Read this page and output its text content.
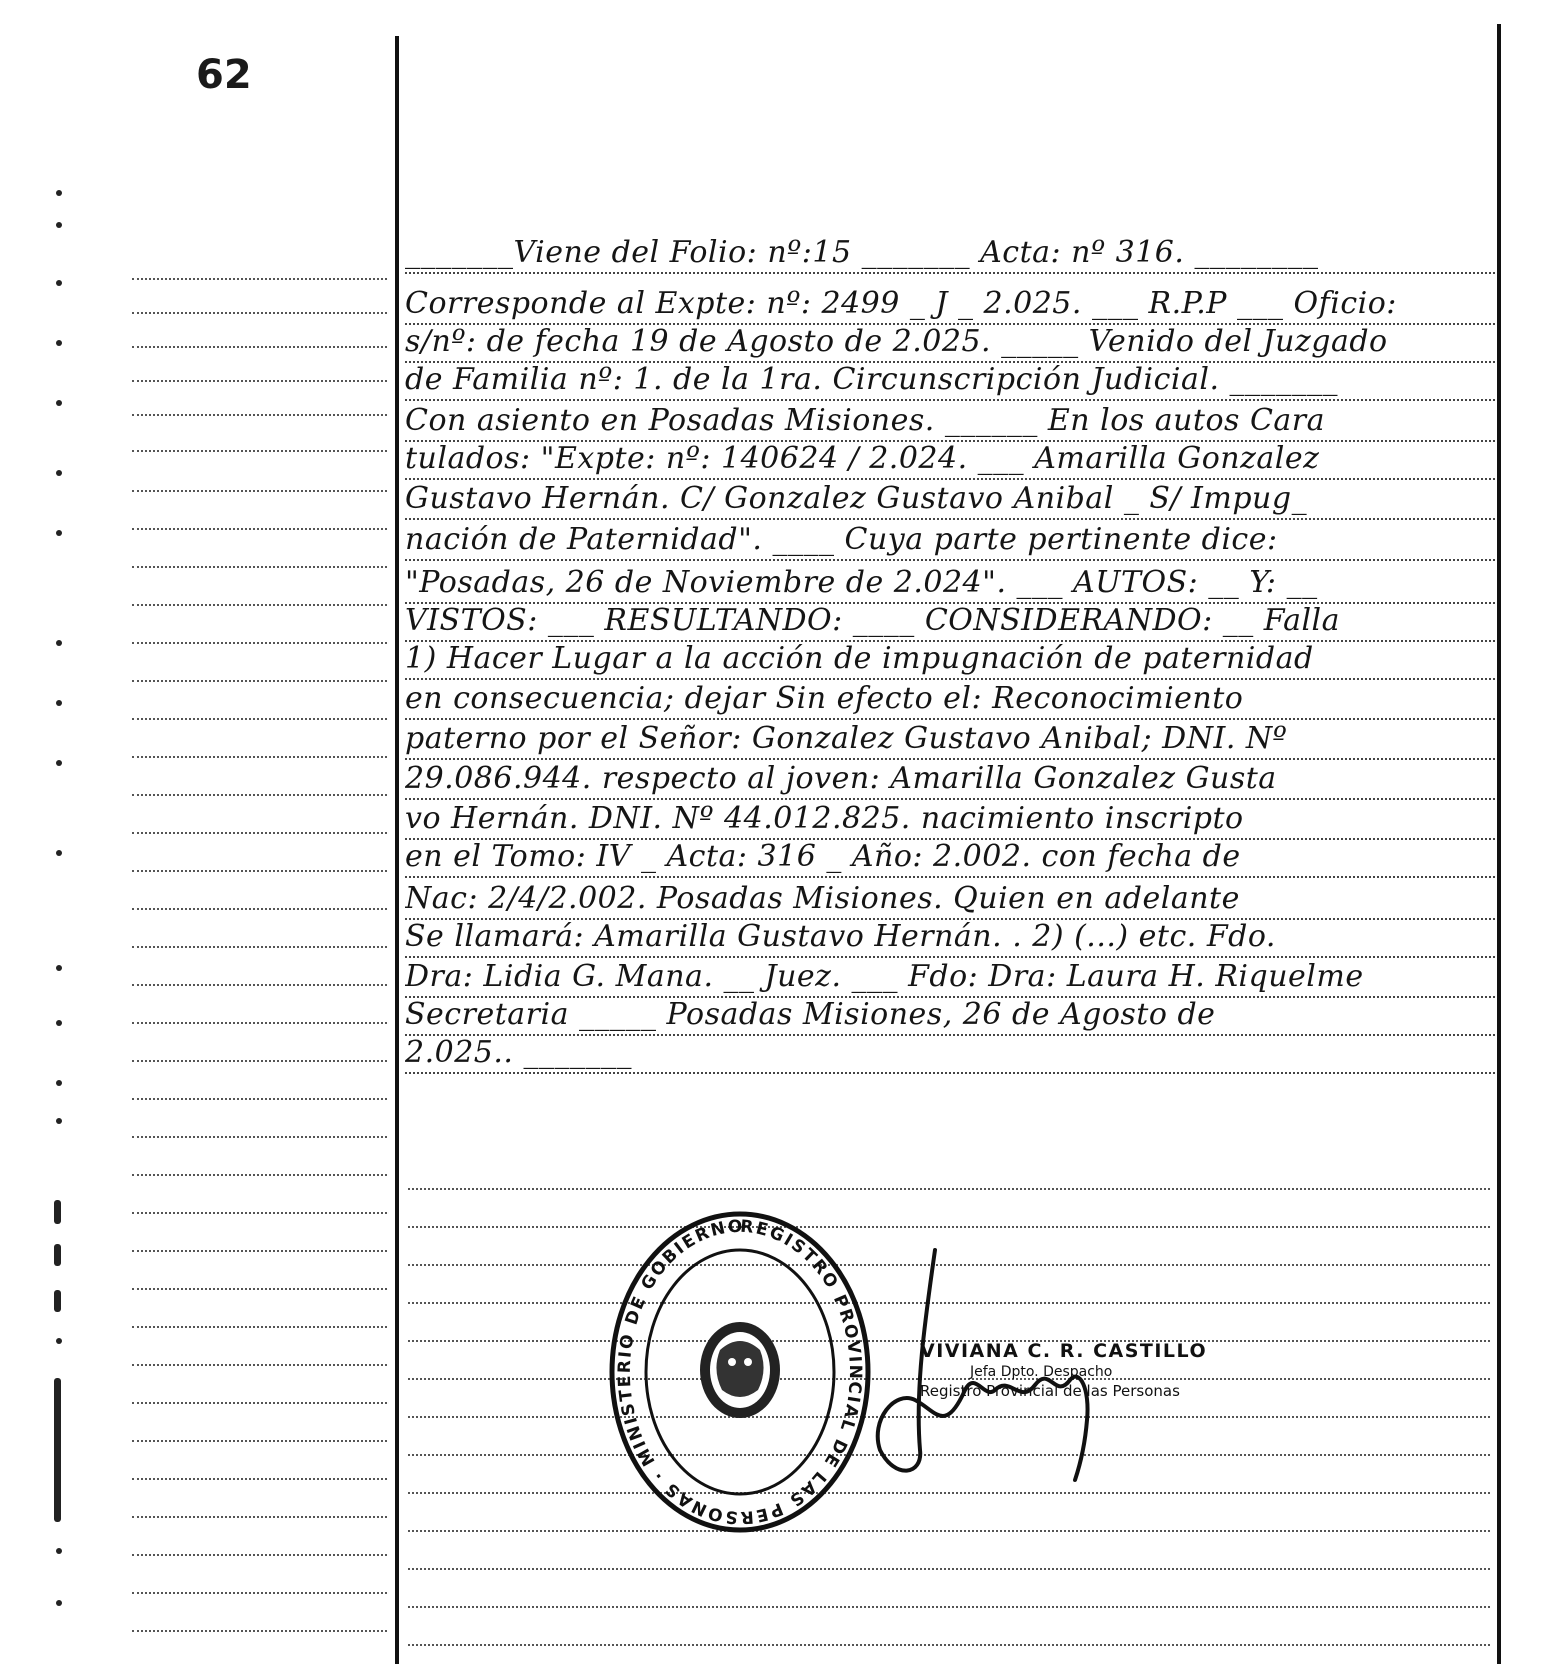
62
_______Viene del Folio: nº:15 _______ Acta: nº 316. ________
Corresponde al Expte: nº: 2499 _ J _ 2.025. ___ R.P.P ___ Oficio:
s/nº: de fecha 19 de Agosto de 2.025. _____ Venido del Juzgado
de Familia nº: 1. de la 1ra. Circunscripción Judicial. _______
Con asiento en Posadas Misiones. ______ En los autos Cara
tulados: "Expte: nº: 140624 / 2.024. ___ Amarilla Gonzalez
Gustavo Hernán. C/ Gonzalez Gustavo Anibal _ S/ Impug_
nación de Paternidad". ____ Cuya parte pertinente dice:
"Posadas, 26 de Noviembre de 2.024". ___ AUTOS: __ Y: __
VISTOS: ___ RESULTANDO: ____ CONSIDERANDO: __ Falla
1) Hacer Lugar a la acción de impugnación de paternidad
en consecuencia; dejar Sin efecto el: Reconocimiento
paterno por el Señor: Gonzalez Gustavo Anibal; DNI. Nº
29.086.944. respecto al joven: Amarilla Gonzalez Gusta
vo Hernán. DNI. Nº 44.012.825. nacimiento inscripto
en el Tomo: IV _ Acta: 316 _ Año: 2.002. con fecha de
Nac: 2/4/2.002. Posadas Misiones. Quien en adelante
Se llamará: Amarilla Gustavo Hernán. . 2) (...) etc. Fdo.
Dra: Lidia G. Mana. __ Juez. ___ Fdo: Dra: Laura H. Riquelme
Secretaria _____ Posadas Misiones, 26 de Agosto de
2.025.. _______
REGISTRO PROVINCIAL DE LAS PERSONAS · MINISTERIO DE GOBIERNO
VIVIANA C. R. CASTILLO
Jefa Dpto. Despacho
Registro Provincial de las Personas
